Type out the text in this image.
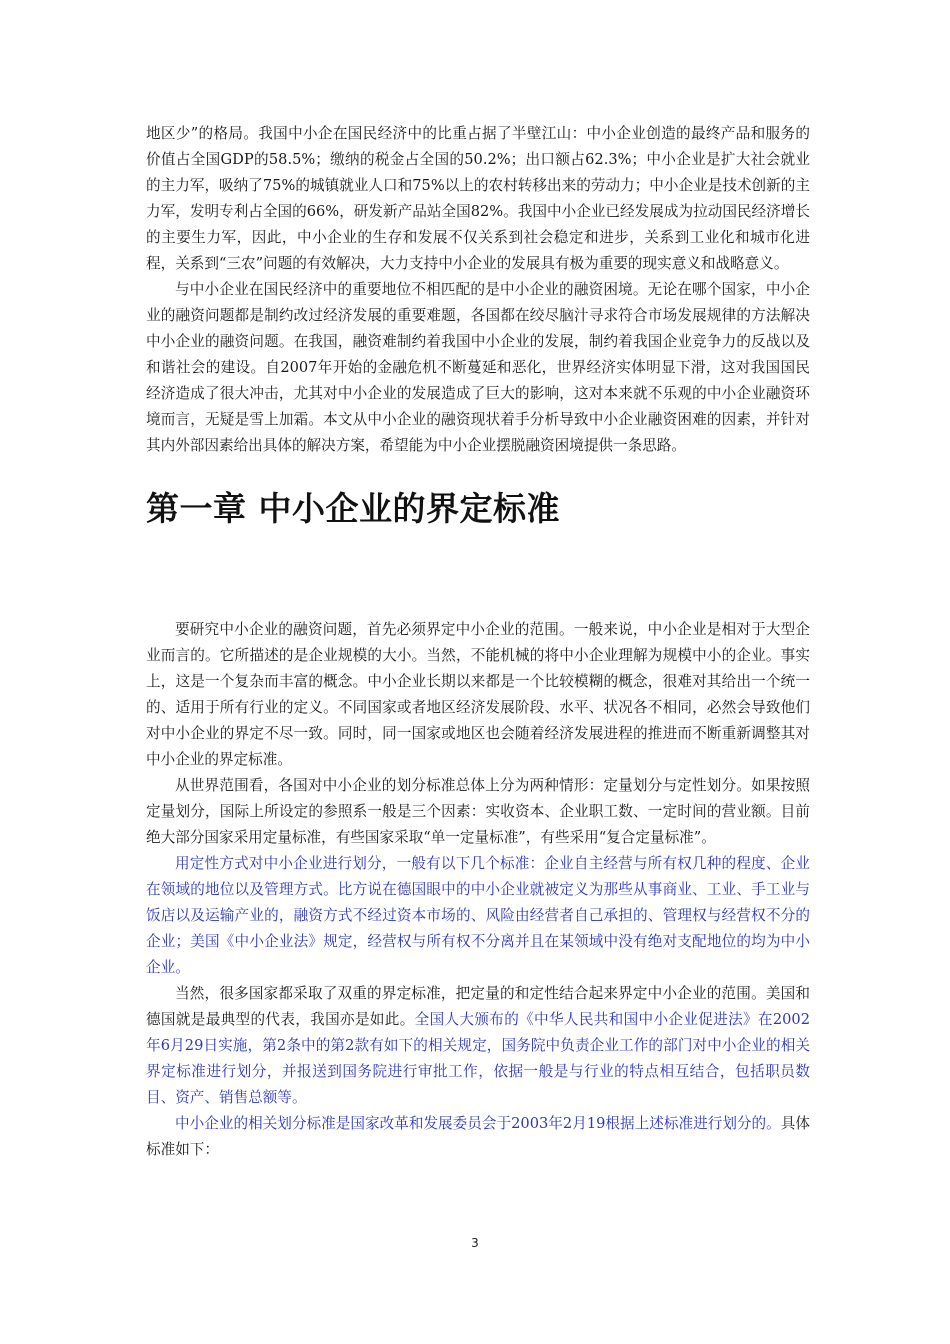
地区少”的格局。我国中小企在国民经济中的比重占据了半壁江山：中小企业创造的最终产品和服务的价值占全国GDP的58.5%；缴纳的税金占全国的50.2%；出口额占62.3%；中小企业是扩大社会就业的主力军，吸纳了75%的城镇就业人口和75%以上的农村转移出来的劳动力；中小企业是技术创新的主力军，发明专利占全国的66%，研发新产品站全国82%。我国中小企业已经发展成为拉动国民经济增长的主要生力军，因此，中小企业的生存和发展不仅关系到社会稳定和进步，关系到工业化和城市化进程，关系到“三农”问题的有效解决，大力支持中小企业的发展具有极为重要的现实意义和战略意义。

与中小企业在国民经济中的重要地位不相匹配的是中小企业的融资困境。无论在哪个国家，中小企业的融资问题都是制约改过经济发展的重要难题，各国都在绞尽脑汁寻求符合市场发展规律的方法解决中小企业的融资问题。在我国，融资难制约着我国中小企业的发展，制约着我国企业竞争力的反战以及和谐社会的建设。自2007年开始的金融危机不断蔓延和恶化，世界经济实体明显下滑，这对我国国民经济造成了很大冲击，尤其对中小企业的发展造成了巨大的影响，这对本来就不乐观的中小企业融资环境而言，无疑是雪上加霜。本文从中小企业的融资现状着手分析导致中小企业融资困难的因素，并针对其内外部因素给出具体的解决方案，希望能为中小企业摆脱融资困境提供一条思路。

第一章 中小企业的界定标准

要研究中小企业的融资问题，首先必须界定中小企业的范围。一般来说，中小企业是相对于大型企业而言的。它所描述的是企业规模的大小。当然，不能机械的将中小企业理解为规模中小的企业。事实上，这是一个复杂而丰富的概念。中小企业长期以来都是一个比较模糊的概念，很难对其给出一个统一的、适用于所有行业的定义。不同国家或者地区经济发展阶段、水平、状况各不相同，必然会导致他们对中小企业的界定不尽一致。同时，同一国家或地区也会随着经济发展进程的推进而不断重新调整其对中小企业的界定标准。

从世界范围看，各国对中小企业的划分标准总体上分为两种情形：定量划分与定性划分。如果按照定量划分，国际上所设定的参照系一般是三个因素：实收资本、企业职工数、一定时间的营业额。目前绝大部分国家采用定量标准，有些国家采取“单一定量标准”，有些采用“复合定量标准”。

用定性方式对中小企业进行划分，一般有以下几个标准：企业自主经营与所有权几种的程度、企业在领域的地位以及管理方式。比方说在德国眼中的中小企业就被定义为那些从事商业、工业、手工业与饭店以及运输产业的，融资方式不经过资本市场的、风险由经营者自己承担的、管理权与经营权不分的企业；美国《中小企业法》规定，经营权与所有权不分离并且在某领域中没有绝对支配地位的均为中小企业。

当然，很多国家都采取了双重的界定标准，把定量的和定性结合起来界定中小企业的范围。美国和德国就是最典型的代表，我国亦是如此。全国人大颁布的《中华人民共和国中小企业促进法》在2002年6月29日实施，第2条中的第2款有如下的相关规定，国务院中负责企业工作的部门对中小企业的相关界定标准进行划分，并报送到国务院进行审批工作，依据一般是与行业的特点相互结合，包括职员数目、资产、销售总额等。

中小企业的相关划分标准是国家改革和发展委员会于2003年2月19根据上述标准进行划分的。具体标准如下：

3
